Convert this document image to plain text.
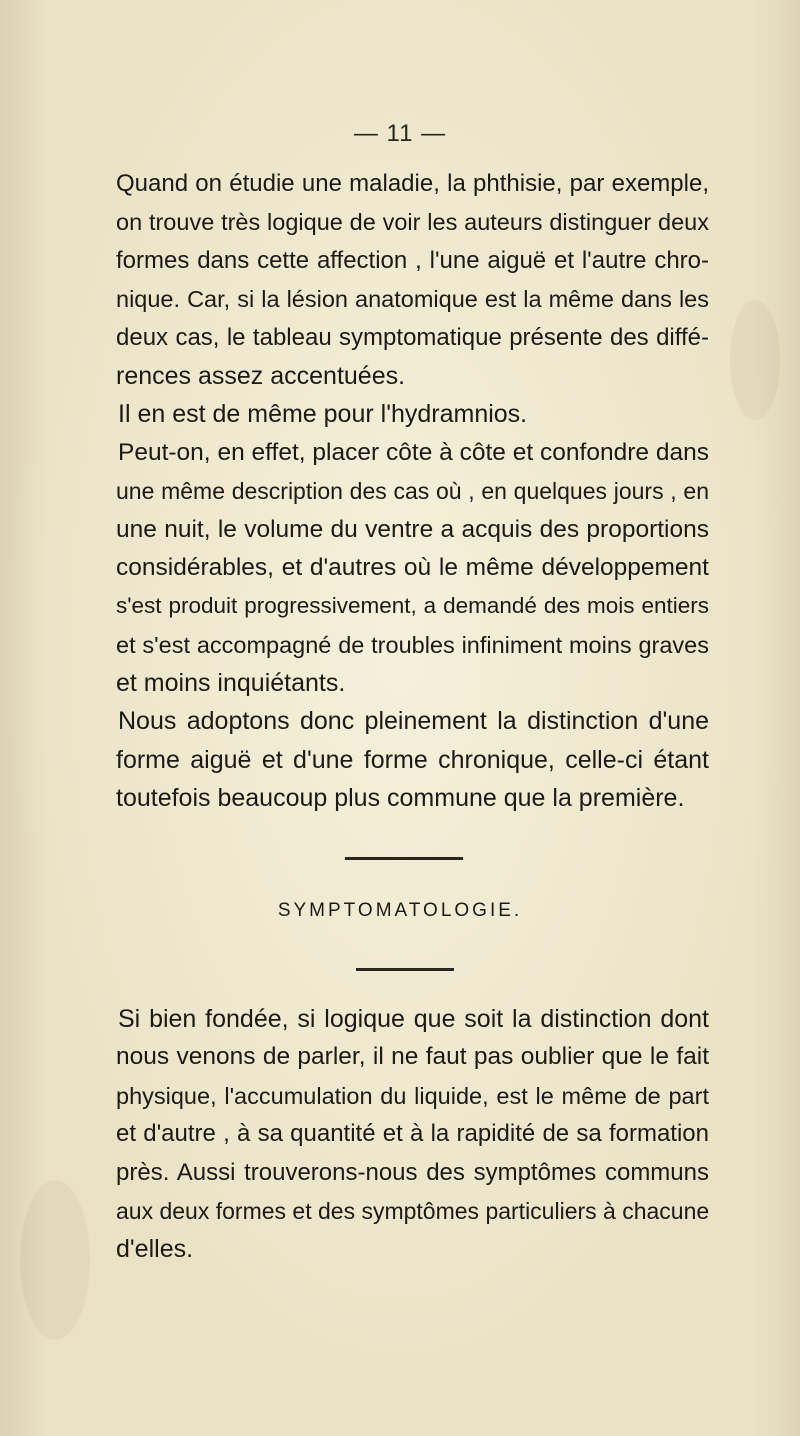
— 11 —
Quand on étudie une maladie, la phthisie, par exemple,
on trouve très logique de voir les auteurs distinguer deux
formes dans cette affection , l'une aiguë et l'autre chro-
nique. Car, si la lésion anatomique est la même dans les
deux cas, le tableau symptomatique présente des diffé-
rences assez accentuées.
Il en est de même pour l'hydramnios.
Peut-on, en effet, placer côte à côte et confondre dans
une même description des cas où , en quelques jours , en
une nuit, le volume du ventre a acquis des proportions
considérables, et d'autres où le même développement
s'est produit progressivement, a demandé des mois entiers
et s'est accompagné de troubles infiniment moins graves
et moins inquiétants.
Nous adoptons donc pleinement la distinction d'une
forme aiguë et d'une forme chronique, celle-ci étant
toutefois beaucoup plus commune que la première.
SYMPTOMATOLOGIE.
Si bien fondée, si logique que soit la distinction dont
nous venons de parler, il ne faut pas oublier que le fait
physique, l'accumulation du liquide, est le même de part
et d'autre , à sa quantité et à la rapidité de sa formation
près. Aussi trouverons-nous des symptômes communs
aux deux formes et des symptômes particuliers à chacune
d'elles.
